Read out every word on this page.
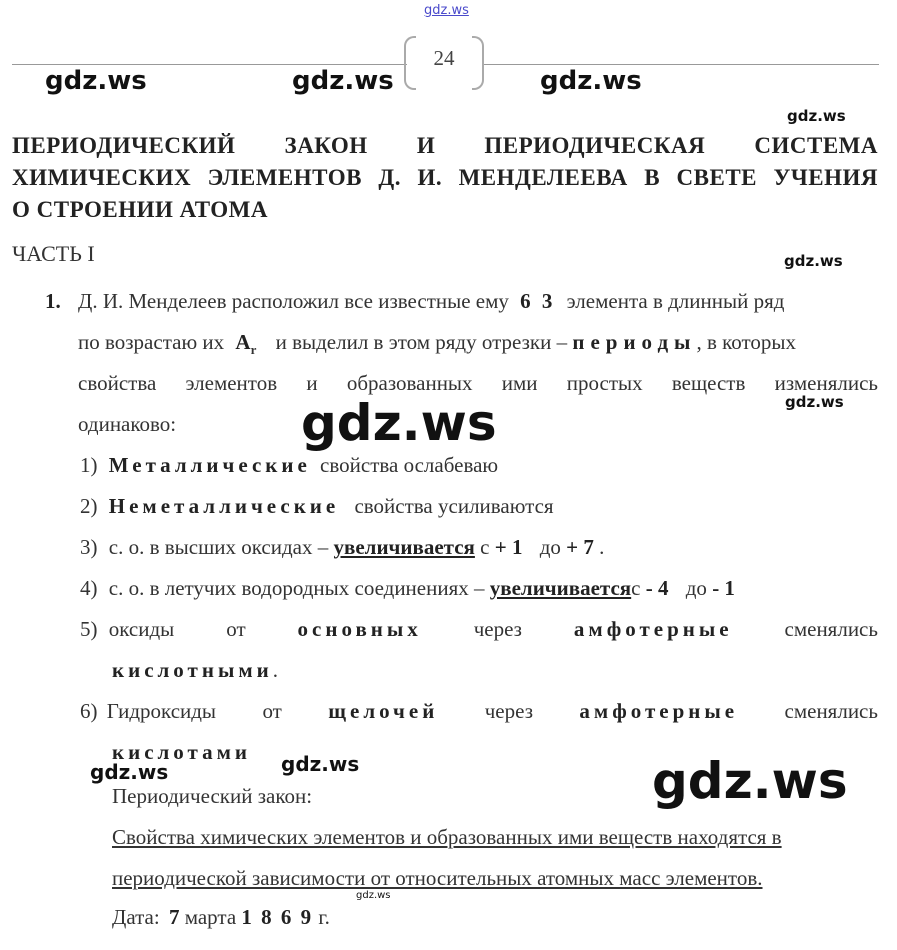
gdz.ws
gdz.ws	gdz.ws	gdz.ws
gdz.ws
gdz.ws
gdz.ws
gdz.ws
24
ПЕРИОДИЧЕСКИЙ ЗАКОН И ПЕРИОДИЧЕСКАЯ СИСТЕМА
ХИМИЧЕСКИХ ЭЛЕМЕНТОВ Д. И. МЕНДЕЛЕЕВА В СВЕТЕ УЧЕНИЯ
О СТРОЕНИИ АТОМА
ЧАСТЬ I
1. Д. И. Менделеев расположил все известные ему 6 3 элемента в длинный ряд
по возрастаю их $A_r$ и выделил в этом ряду отрезки – периоды, в которых
свойства элементов и образованных ими простых веществ изменялись
одинаково:
1) Металлические свойства ослабеваю
2) Неметаллические свойства усиливаются
3) с. о. в высших оксидах – увеличивается с + 1 до + 7 .
4) с. о. в летучих водородных соединениях – увеличиваетсяс - 4 до - 1
5) оксиды от основных через амфотерные сменялись
кислотными.
6) Гидроксиды от щелочей через амфотерные сменялись
кислотами
gdz.ws	gdz.ws	gdz.ws
Периодический закон:
Свойства химических элементов и образованных ими веществ находятся в
периодической зависимости от относительных атомных масс элементов.
gdz.ws
Дата: 7 марта 1 8 6 9 г.
